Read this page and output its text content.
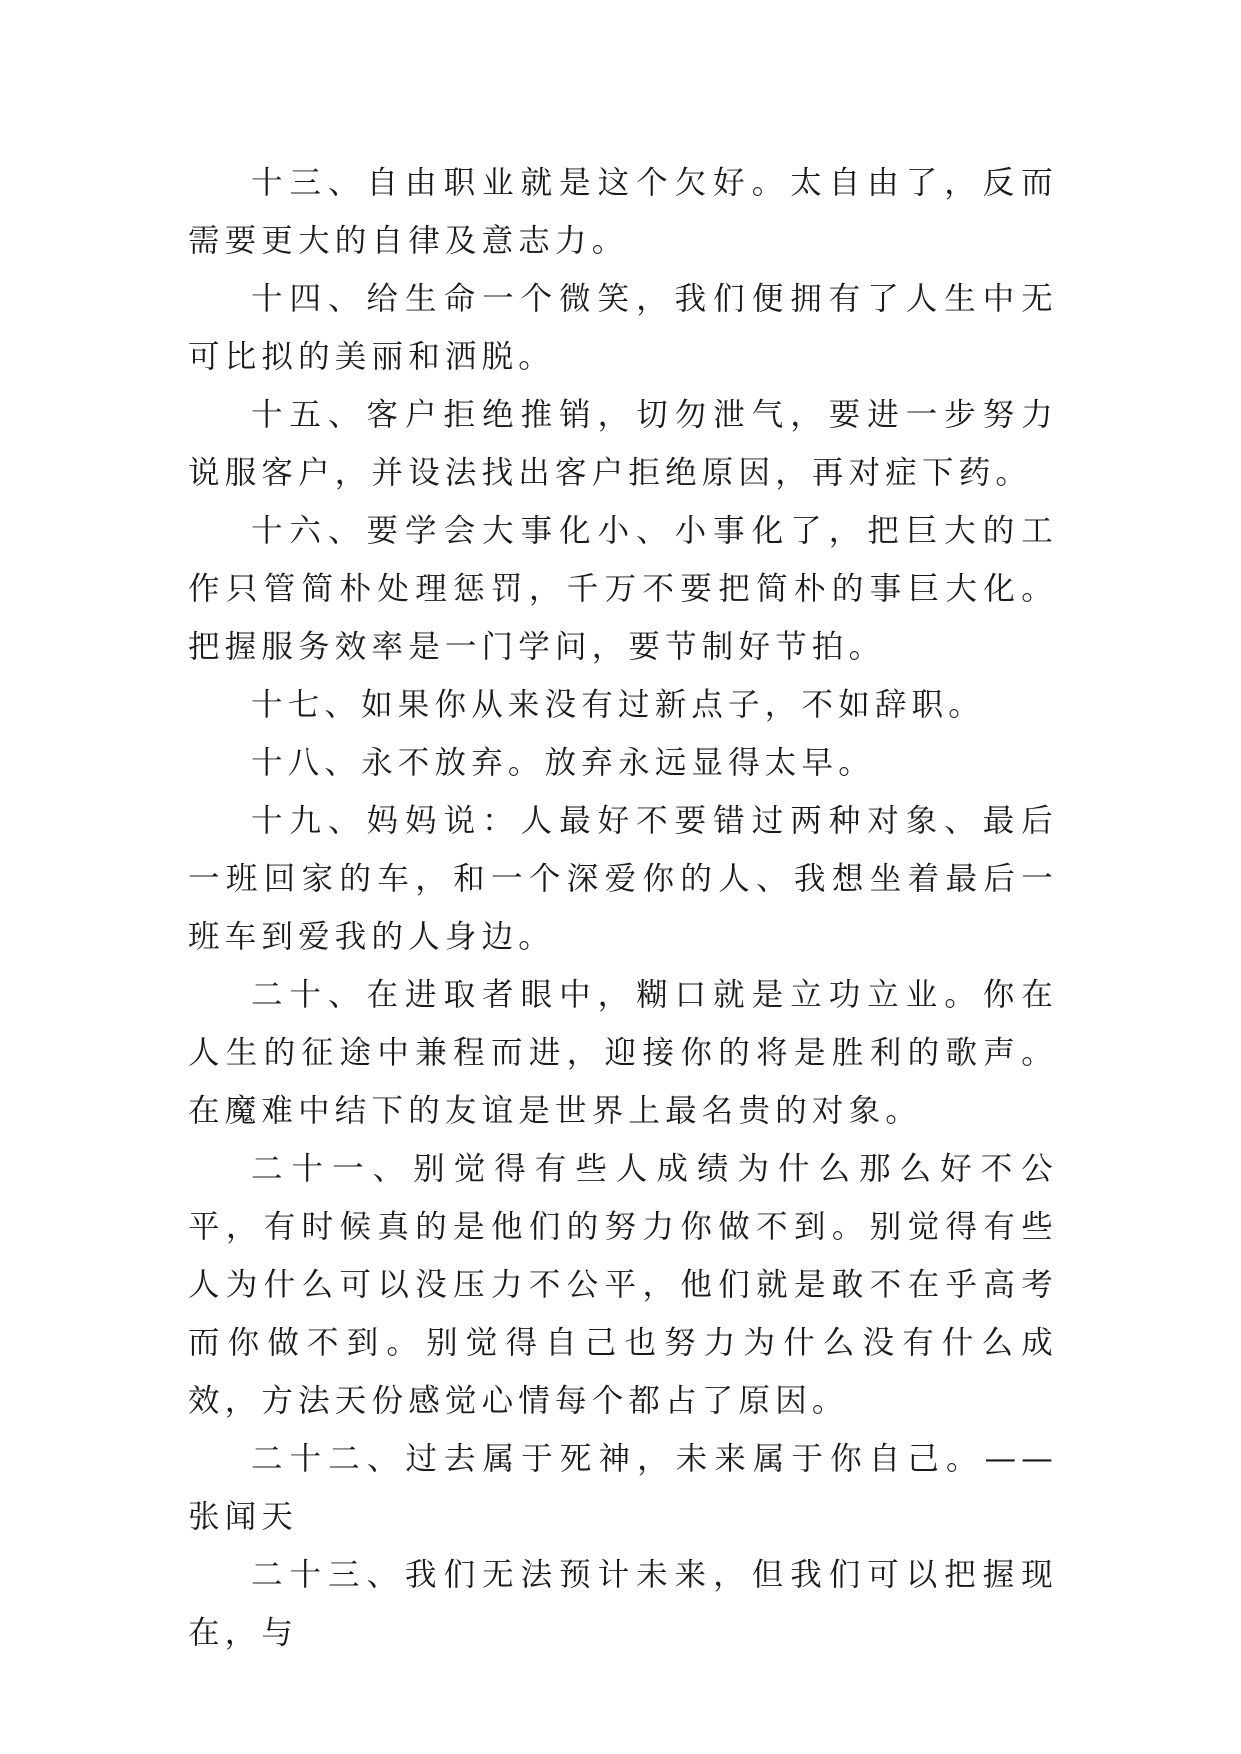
十三、自由职业就是这个欠好。太自由了，反而需要更大的自律及意志力。

十四、给生命一个微笑，我们便拥有了人生中无可比拟的美丽和洒脱。

十五、客户拒绝推销，切勿泄气，要进一步努力说服客户，并设法找出客户拒绝原因，再对症下药。

十六、要学会大事化小、小事化了，把巨大的工作只管简朴处理惩罚，千万不要把简朴的事巨大化。把握服务效率是一门学问，要节制好节拍。

十七、如果你从来没有过新点子，不如辞职。

十八、永不放弃。放弃永远显得太早。

十九、妈妈说：人最好不要错过两种对象、最后一班回家的车，和一个深爱你的人、我想坐着最后一班车到爱我的人身边。

二十、在进取者眼中，糊口就是立功立业。你在人生的征途中兼程而进，迎接你的将是胜利的歌声。在魔难中结下的友谊是世界上最名贵的对象。

二十一、别觉得有些人成绩为什么那么好不公平，有时候真的是他们的努力你做不到。别觉得有些人为什么可以没压力不公平，他们就是敢不在乎高考而你做不到。别觉得自己也努力为什么没有什么成效，方法天份感觉心情每个都占了原因。

二十二、过去属于死神，未来属于你自己。——张闻天

二十三、我们无法预计未来，但我们可以把握现在，与
